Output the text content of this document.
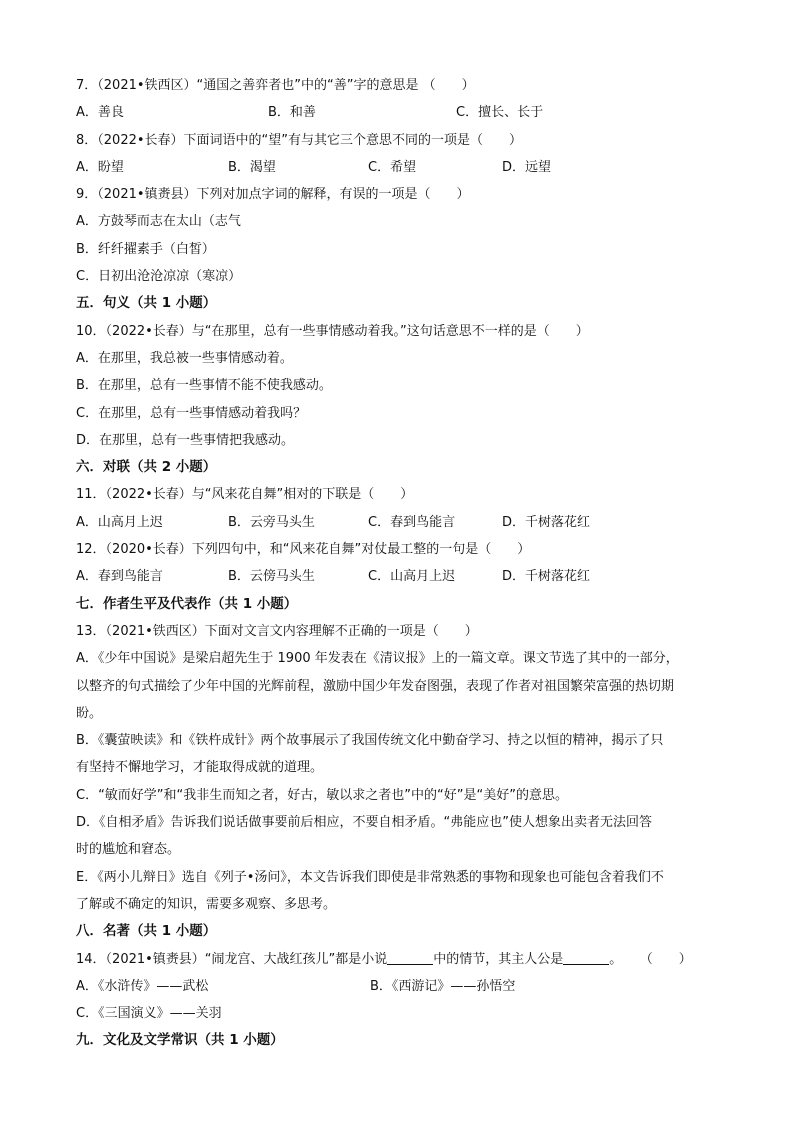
7．（2021•铁西区）“通国之善弈者也”中的“善”字的意思是 （　　）
A．善良	B．和善	C．擅长、长于
8．（2022•长春）下面词语中的“望”有与其它三个意思不同的一项是（　　）
A．盼望	B．渴望	C．希望	D．远望
9．（2021•镇赉县）下列对加点字词的解释，有误的一项是（　　）
A．方鼓琴而志在太山（志气
B．纤纤擢素手（白皙）
C．日初出沧沧凉凉（寒凉）
五．句义（共 1 小题）
10．（2022•长春）与“在那里，总有一些事情感动着我。”这句话意思不一样的是（　　）
A．在那里，我总被一些事情感动着。
B．在那里，总有一些事情不能不使我感动。
C．在那里，总有一些事情感动着我吗？
D．在那里，总有一些事情把我感动。
六．对联（共 2 小题）
11．（2022•长春）与“风来花自舞”相对的下联是（　　）
A．山高月上迟	B．云旁马头生	C．春到鸟能言	D．千树落花红
12．（2020•长春）下列四句中，和“风来花自舞”对仗最工整的一句是（　　）
A．春到鸟能言	B．云傍马头生	C．山高月上迟	D．千树落花红
七．作者生平及代表作（共 1 小题）
13．（2021•铁西区）下面对文言文内容理解不正确的一项是（　　）
A．《少年中国说》是梁启超先生于 1900 年发表在《清议报》上的一篇文章。课文节选了其中的一部分，
以整齐的句式描绘了少年中国的光辉前程，激励中国少年发奋图强，表现了作者对祖国繁荣富强的热切期
盼。
B．《囊萤映读》和《铁杵成针》两个故事展示了我国传统文化中勤奋学习、持之以恒的精神，揭示了只
有坚持不懈地学习，才能取得成就的道理。
C．“敏而好学”和“我非生而知之者，好古，敏以求之者也”中的“好”是“美好”的意思。
D．《自相矛盾》告诉我们说话做事要前后相应，不要自相矛盾。“弗能应也”使人想象出卖者无法回答
时的尴尬和窘态。
E．《两小儿辩日》选自《列子•汤问》，本文告诉我们即使是非常熟悉的事物和现象也可能包含着我们不
了解或不确定的知识，需要多观察、多思考。
八．名著（共 1 小题）
14．（2021•镇赉县）“闹龙宫、大战红孩儿”都是小说	中的情节，其主人公是	。 （　　）
A．《水浒传》——武松	B．《西游记》——孙悟空
C．《三国演义》——关羽
九．文化及文学常识（共 1 小题）
